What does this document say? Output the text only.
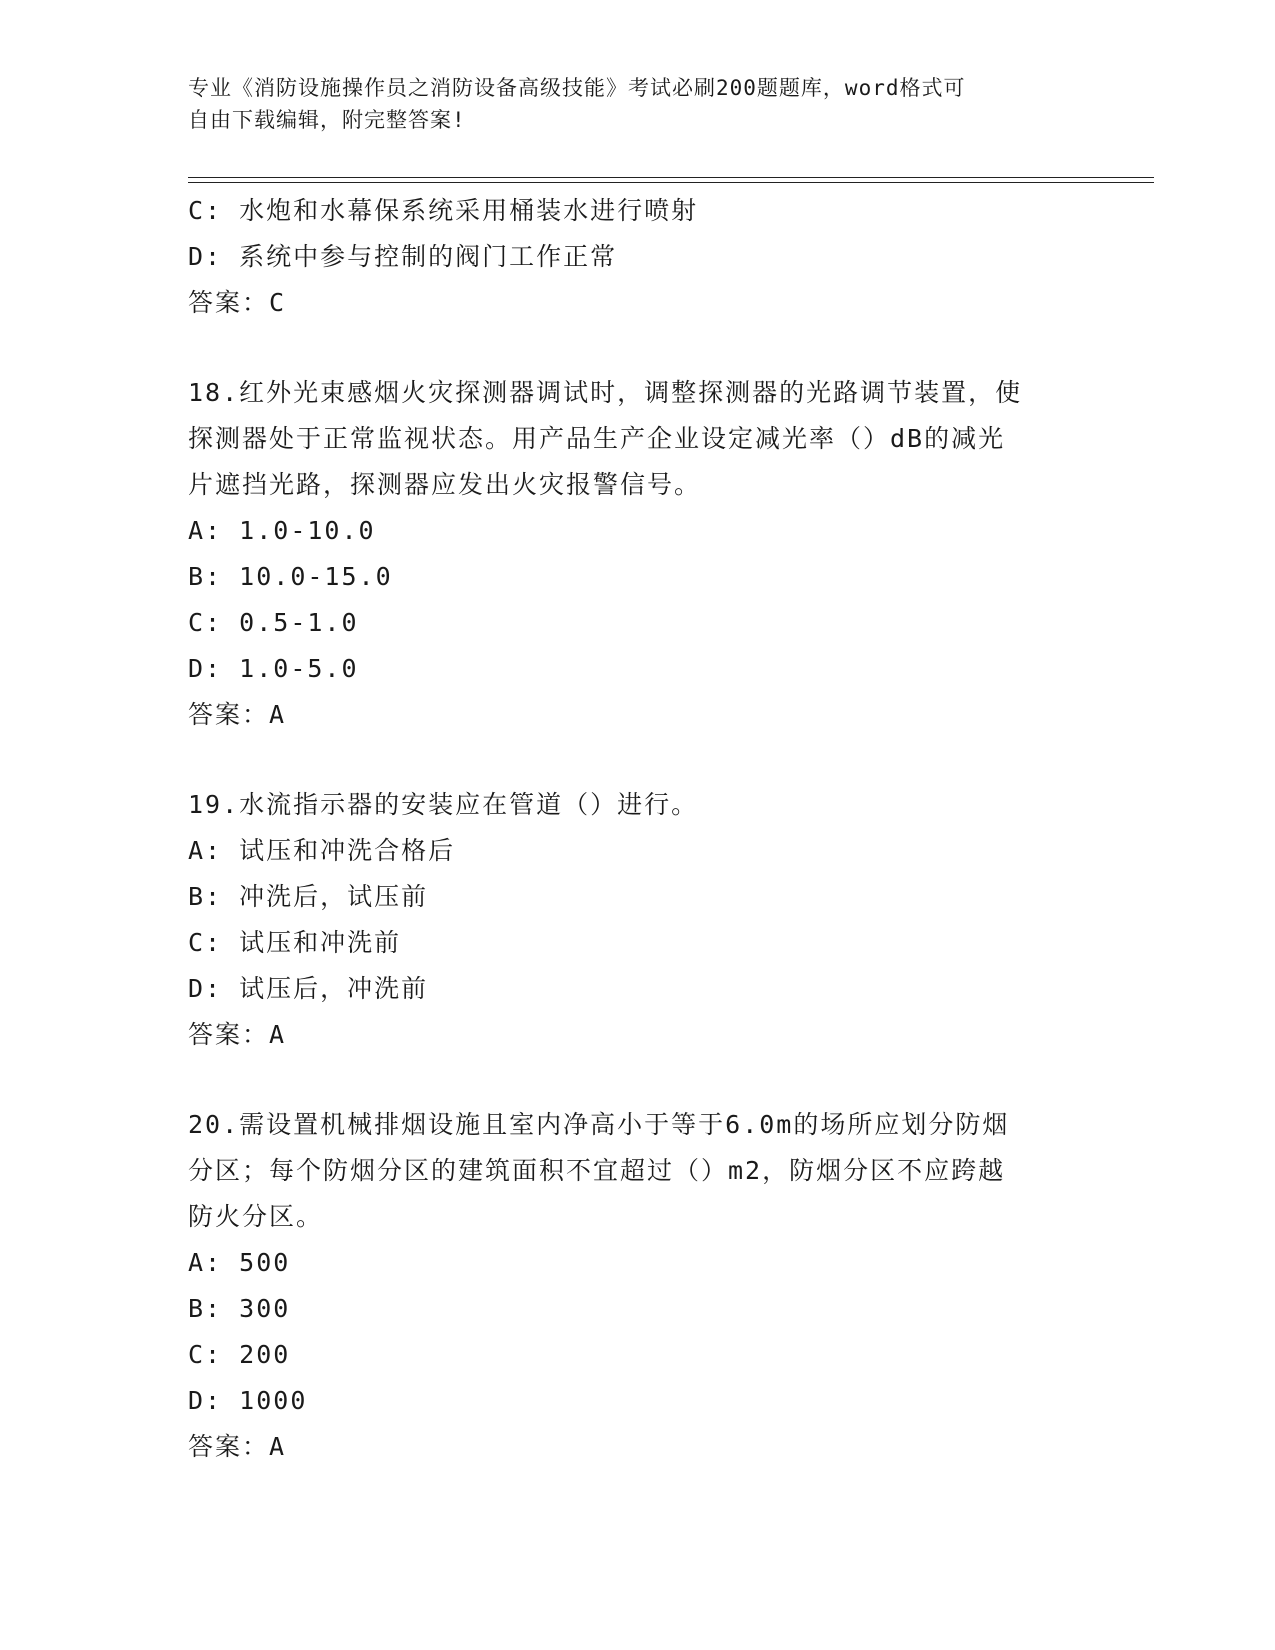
专业《消防设施操作员之消防设备高级技能》考试必刷200题题库，word格式可
自由下载编辑，附完整答案!
C: 水炮和水幕保系统采用桶装水进行喷射
D: 系统中参与控制的阀门工作正常
答案：C
18.红外光束感烟火灾探测器调试时，调整探测器的光路调节装置，使
探测器处于正常监视状态。用产品生产企业设定减光率（）dB的减光
片遮挡光路，探测器应发出火灾报警信号。
A: 1.0-10.0
B: 10.0-15.0
C: 0.5-1.0
D: 1.0-5.0
答案：A
19.水流指示器的安装应在管道（）进行。
A: 试压和冲洗合格后
B: 冲洗后，试压前
C: 试压和冲洗前
D: 试压后，冲洗前
答案：A
20.需设置机械排烟设施且室内净高小于等于6.0m的场所应划分防烟
分区；每个防烟分区的建筑面积不宜超过（）m2，防烟分区不应跨越
防火分区。
A: 500
B: 300
C: 200
D: 1000
答案：A
